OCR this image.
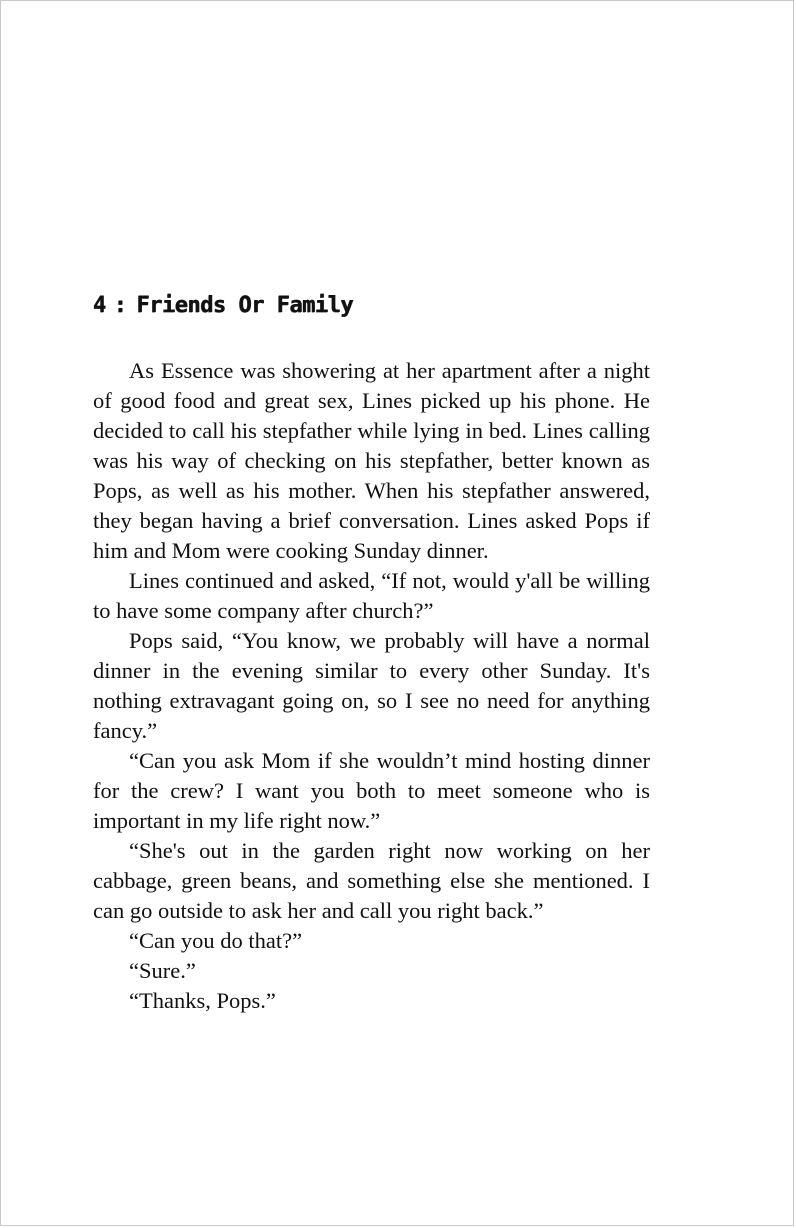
4 : Friends Or Family

As Essence was showering at her apartment after a night of good food and great sex, Lines picked up his phone. He decided to call his stepfather while lying in bed. Lines calling was his way of checking on his stepfather, better known as Pops, as well as his mother. When his stepfather answered, they began having a brief conversation. Lines asked Pops if him and Mom were cooking Sunday dinner.

Lines continued and asked, “If not, would y'all be willing to have some company after church?”

Pops said, “You know, we probably will have a normal dinner in the evening similar to every other Sunday. It's nothing extravagant going on, so I see no need for anything fancy.”

“Can you ask Mom if she wouldn’t mind hosting dinner for the crew? I want you both to meet someone who is important in my life right now.”

“She's out in the garden right now working on her cabbage, green beans, and something else she mentioned. I can go outside to ask her and call you right back.”

“Can you do that?”

“Sure.”

“Thanks, Pops.”
